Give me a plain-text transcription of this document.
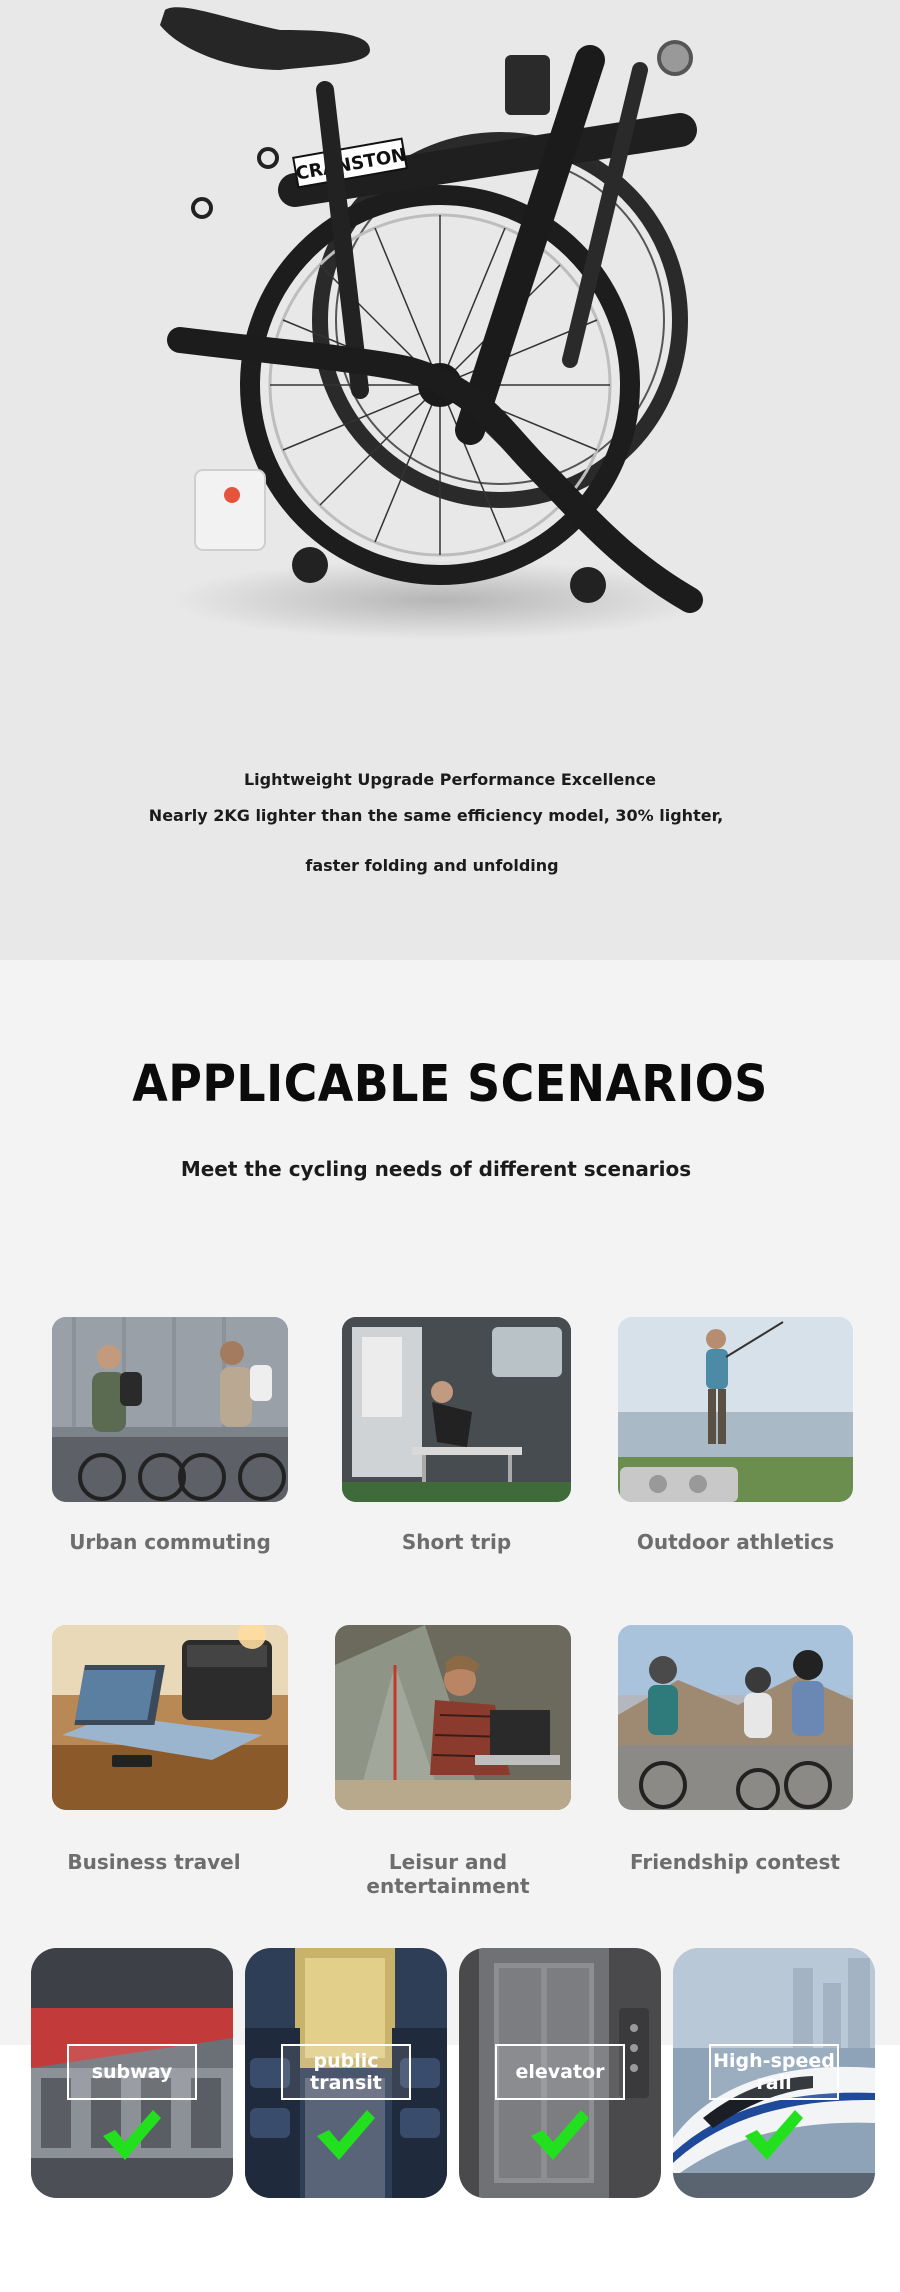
CRANSTON
Lightweight Upgrade Performance Excellence
Nearly 2KG lighter than the same efficiency model, 30% lighter,
faster folding and unfolding
APPLICABLE SCENARIOS
Meet the cycling needs of different scenarios
Urban commuting	Short trip	Outdoor athletics
Business travel	Leisur and entertainment
Friendship contest
subway	public transit	elevator	High-speed rail
